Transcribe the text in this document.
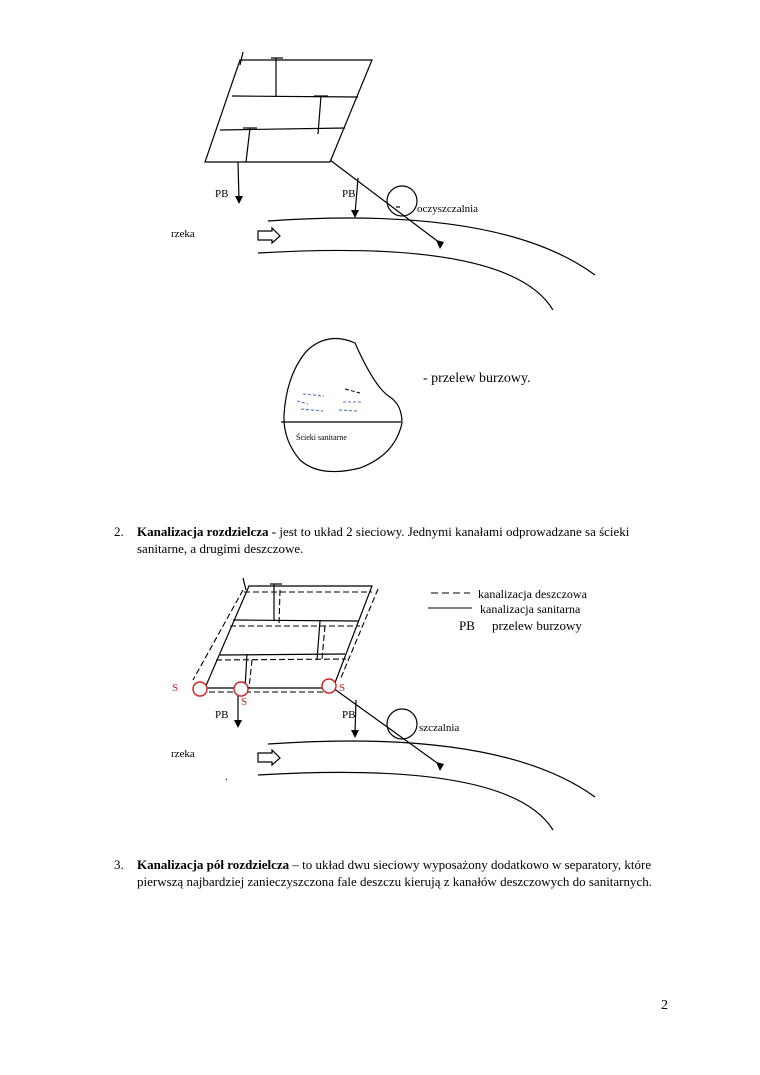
PB	PB
oczyszczalnia
rzeka
Ścieki sanitarne
- przelew burzowy.
2. Kanalizacja rozdzielcza - jest to układ 2 sieciowy. Jednymi kanałami odprowadzane sa ścieki sanitarne, a drugimi deszczowe.
S
S
S
PB	PB
szczalnia
rzeka
.
kanalizacja deszczowa
kanalizacja sanitarna
PB przelew burzowy
3. Kanalizacja pół rozdzielcza – to układ dwu sieciowy wyposażony dodatkowo w separatory, które pierwszą najbardziej zanieczyszczona fale deszczu kierują z kanałów deszczowych do sanitarnych.
2
